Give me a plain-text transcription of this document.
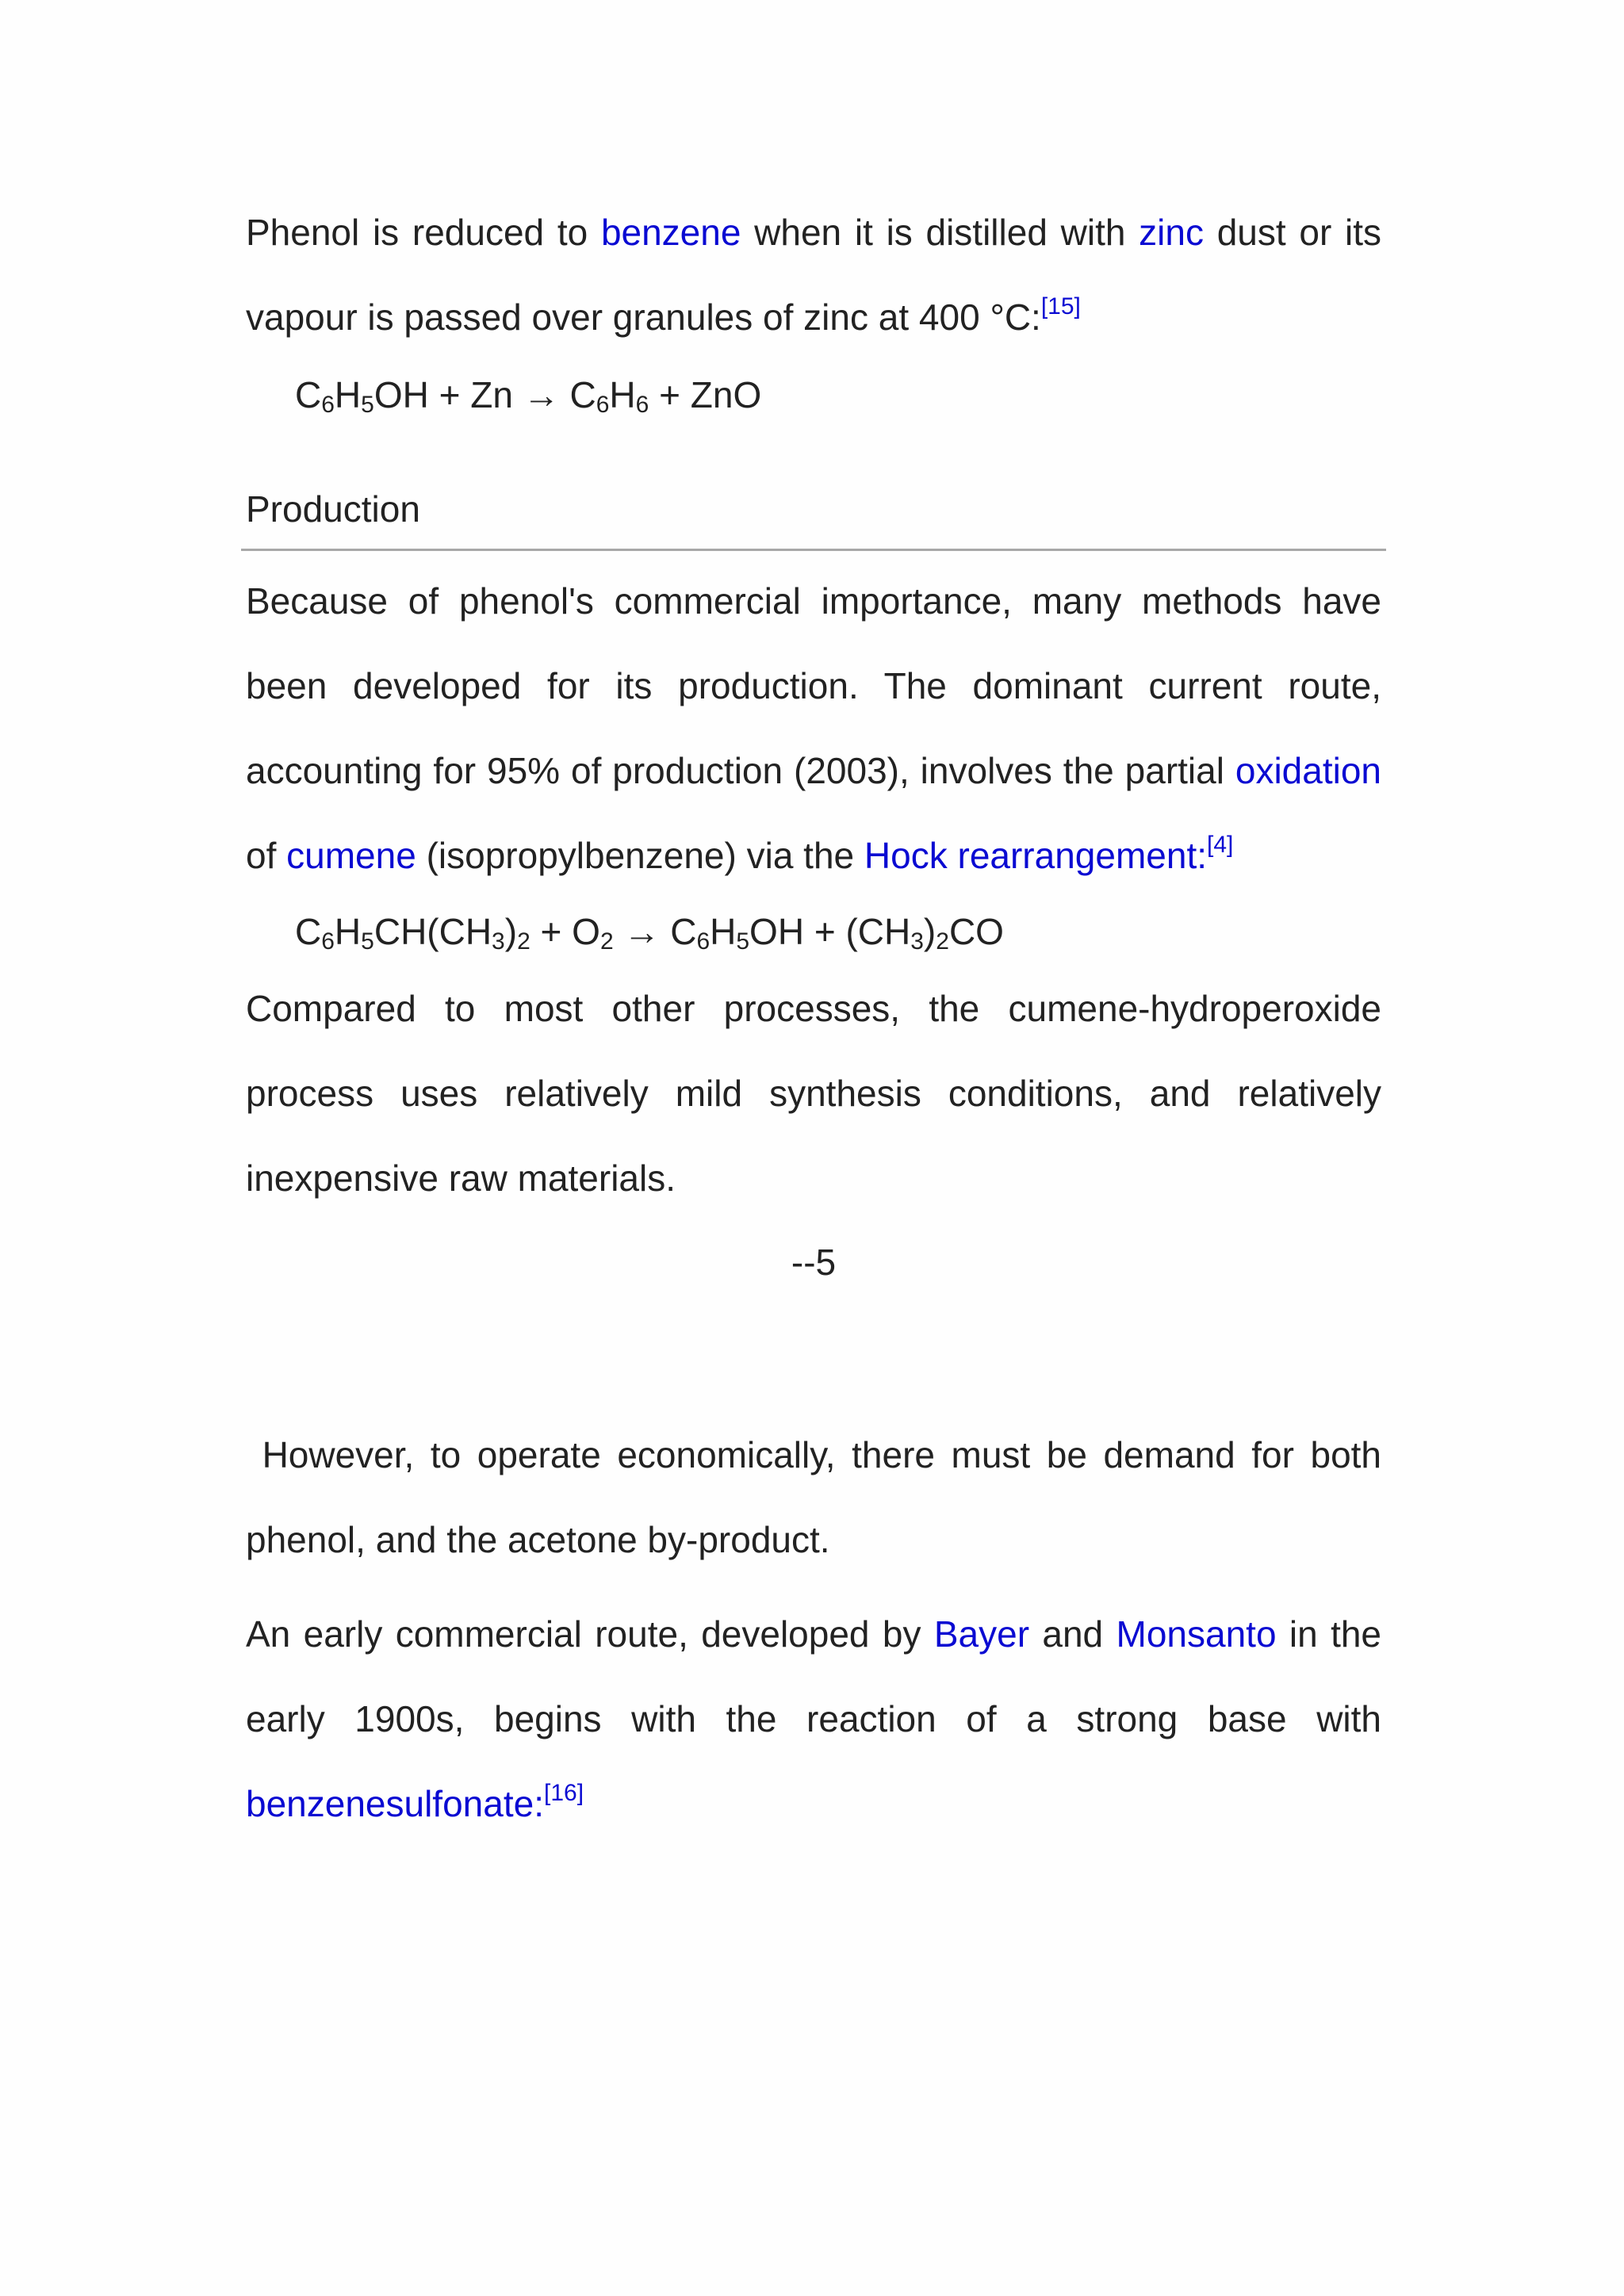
Phenol is reduced to benzene when it is distilled with zinc dust or its vapour is passed over granules of zinc at 400 °C:[15]

$C_6H_5OH + Zn \to C_6H_6$ + ZnO

Production

Because of phenol's commercial importance, many methods have been developed for its production. The dominant current route, accounting for 95% of production (2003), involves the partial oxidation of cumene (isopropylbenzene) via the Hock rearrangement:[4]

$C_6H_5CH(CH_3)_2 + O_2 \to C_6H_5OH + (CH_3)_2CO$

Compared to most other processes, the cumene-hydroperoxide process uses relatively mild synthesis conditions, and relatively inexpensive raw materials.

--5

However, to operate economically, there must be demand for both phenol, and the acetone by-product.

An early commercial route, developed by Bayer and Monsanto in the early 1900s, begins with the reaction of a strong base with benzenesulfonate:[16]
